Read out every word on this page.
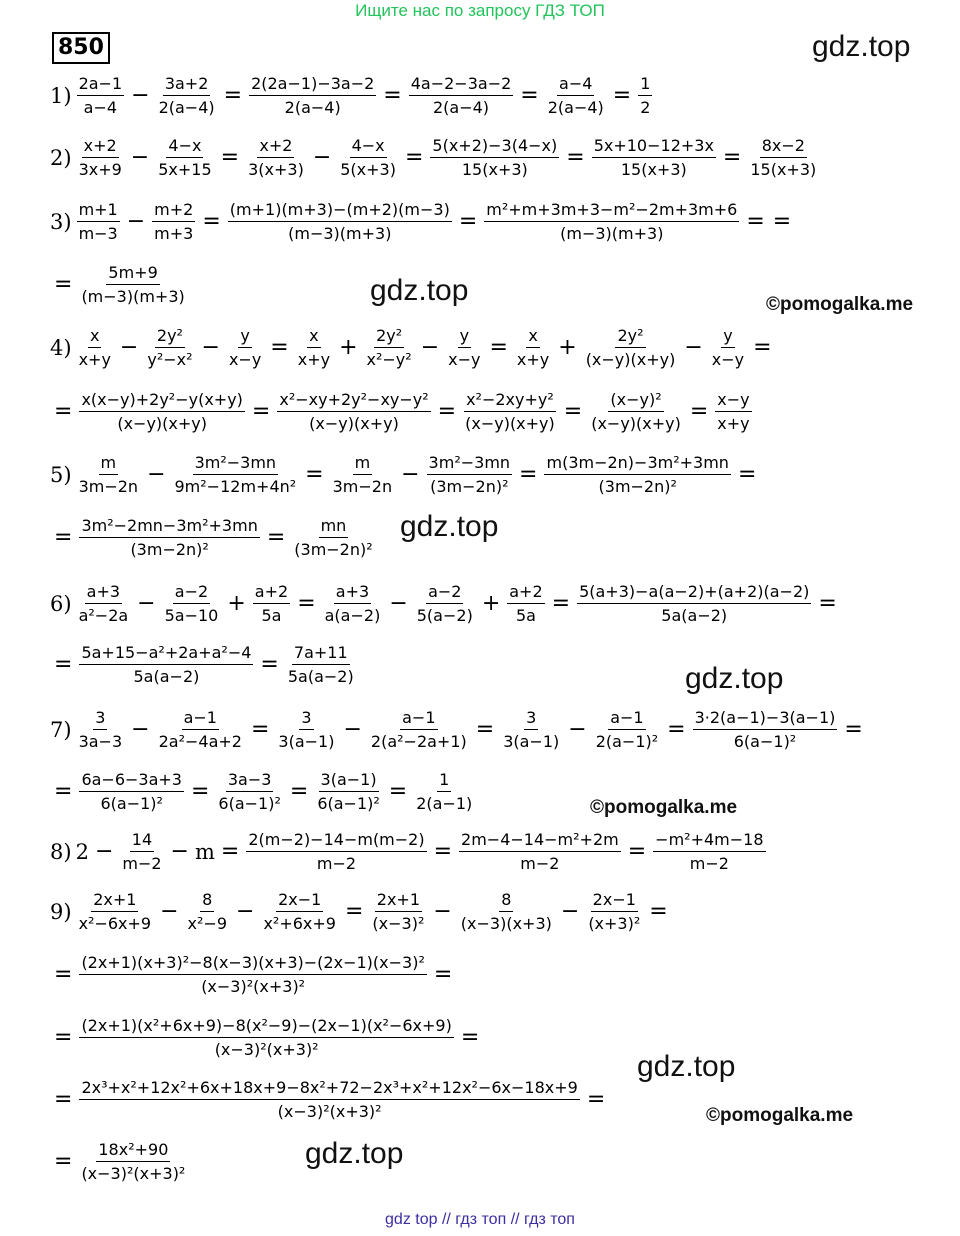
Ищите нас по запросу ГДЗ ТОП
850	gdz.top
gdz.top	©pomogalka.me
gdz.top
gdz.top
©pomogalka.me
gdz.top
©pomogalka.me
gdz.top
$1) \frac{2a-1}{a-4} - \frac{3a+2}{2(a-4)} = \frac{2(2a-1)-3a-2}{2(a-4)} = \frac{4a-2-3a-2}{2(a-4)} = \frac{a-4}{2(a-4)} = \frac{1}{2}$
$2) \frac{x+2}{3x+9} - \frac{4-x}{5x+15} = \frac{x+2}{3(x+3)} - \frac{4-x}{5(x+3)} = \frac{5(x+2)-3(4-x)}{15(x+3)} = \frac{5x+10-12+3x}{15(x+3)} = \frac{8x-2}{15(x+3)}$
$3) \frac{m+1}{m-3} - \frac{m+2}{m+3} = \frac{(m+1)(m+3)-(m+2)(m-3)}{(m-3)(m+3)} = \frac{\text{m²+m+3m+3−m²−2m+3m+6}}{(m-3)(m+3)}$ = =
= $\frac{5m+9}{(m-3)(m+3)}$
$4) \frac{x}{x+y} - \frac{\text{2y²}}{\text{y²−x²}} - \frac{y}{x-y} = \frac{x}{x+y} + \frac{\text{2y²}}{\text{x²−y²}} - \frac{y}{x-y} = \frac{x}{x+y} + \frac{\text{2y²}}{(x-y)(x+y)} - \frac{y}{x-y}$ =
= $\frac{\text{x(x−y)+2y²−y(x+y)}}{(x-y)(x+y)} = \frac{\text{x²−xy+2y²−xy−y²}}{(x-y)(x+y)} = \frac{\text{x²−2xy+y²}}{(x-y)(x+y)} = \frac{\text{(x−y)²}}{(x-y)(x+y)} = \frac{x-y}{x+y}$
$5) \frac{m}{3m-2n} - \frac{\text{3m²−3mn}}{\text{9m²−12m+4n²}} = \frac{m}{3m-2n} - \frac{\text{3m²−3mn}}{\text{(3m−2n)²}} = \frac{\text{m(3m−2n)−3m²+3mn}}{\text{(3m−2n)²}}$ =
= $\frac{\text{3m²−2mn−3m²+3mn}}{\text{(3m−2n)²}} = \frac{mn}{\text{(3m−2n)²}}$
$6) \frac{a+3}{\text{a²−2a}} - \frac{a-2}{5a-10} + \frac{a+2}{5a} = \frac{a+3}{a(a-2)} - \frac{a-2}{5(a-2)} + \frac{a+2}{5a} = \frac{5(a+3)-a(a-2)+(a+2)(a-2)}{5a(a-2)}$ =
= $\frac{\text{5a+15−a²+2a+a²−4}}{5a(a-2)} = \frac{7a+11}{5a(a-2)}$
$7) \frac{3}{3a-3} - \frac{a-1}{\text{2a²−4a+2}} = \frac{3}{3(a-1)} - \frac{a-1}{\text{2(a²−2a+1)}} = \frac{3}{3(a-1)} - \frac{a-1}{\text{2(a−1)²}} = \frac{3\cdot 2(a-1)-3(a-1)}{\text{6(a−1)²}}$ =
= $\frac{6a-6-3a+3}{\text{6(a−1)²}} = \frac{3a-3}{\text{6(a−1)²}} = \frac{3(a-1)}{\text{6(a−1)²}} = \frac{1}{2(a-1)}$
8) $2 - \frac{14}{m-2} - m = \frac{2(m-2)-14-m(m-2)}{m-2} = \frac{\text{2m−4−14−m²+2m}}{m-2} = \frac{\text{−m²+4m−18}}{m-2}$
$9) \frac{2x+1}{\text{x²−6x+9}} - \frac{8}{\text{x²−9}} - \frac{2x-1}{\text{x²+6x+9}} = \frac{2x+1}{\text{(x−3)²}} - \frac{8}{(x-3)(x+3)} - \frac{2x-1}{\text{(x+3)²}}$ =
= $\frac{\text{(2x+1)(x+3)²−8(x−3)(x+3)−(2x−1)(x−3)²}}{\text{(x−3)²(x+3)²}}$ =
= $\frac{\text{(2x+1)(x²+6x+9)−8(x²−9)−(2x−1)(x²−6x+9)}}{\text{(x−3)²(x+3)²}}$ =
= $\frac{\text{2x³+x²+12x²+6x+18x+9−8x²+72−2x³+x²+12x²−6x−18x+9}}{\text{(x−3)²(x+3)²}}$ =
= $\frac{\text{18x²+90}}{\text{(x−3)²(x+3)²}}$
gdz top // гдз топ // гдз топ
